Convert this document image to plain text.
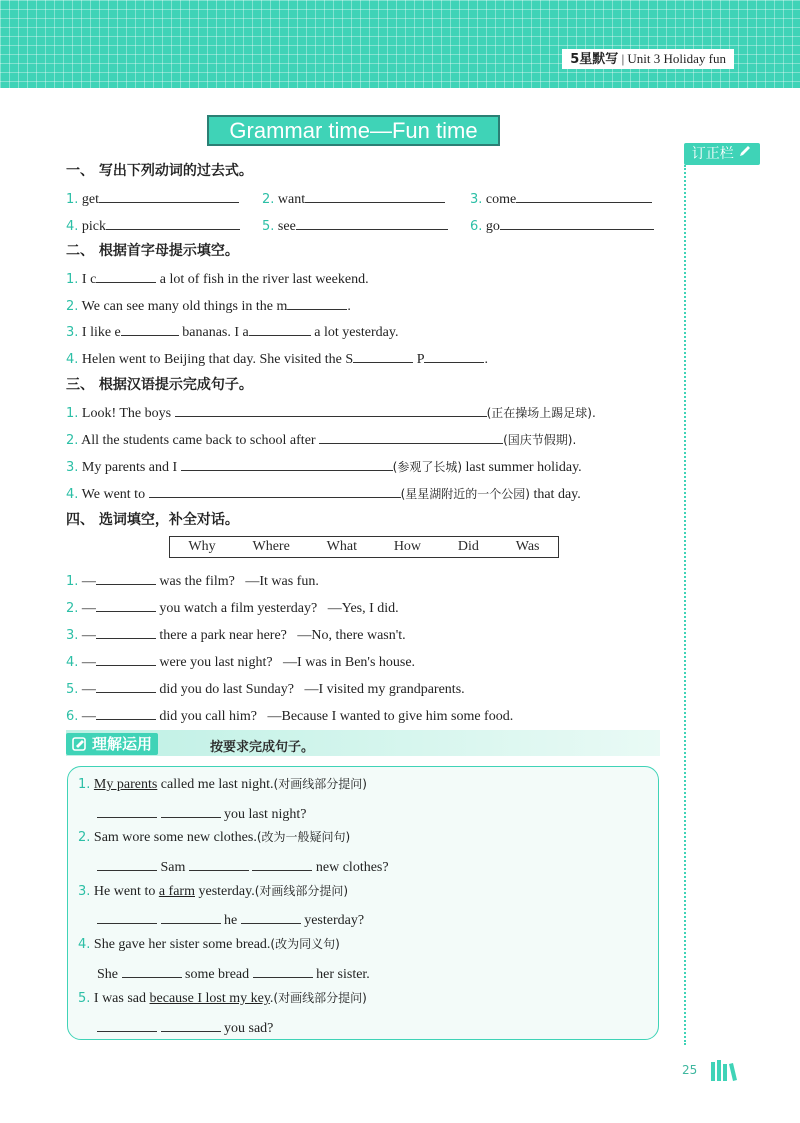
5星默写 | Unit 3 Holiday fun
Grammar time—Fun time
订正栏
一、 写出下列动词的过去式。
1. get	2. want	3. come
4. pick	5. see	6. go
二、 根据首字母提示填空。
1. I c	a lot of fish in the river last weekend.
2. We can see many old things in the m	.
3. I like e	bananas. I a	a lot yesterday.
4. Helen went to Beijing that day. She visited the S	P	.
三、 根据汉语提示完成句子。
1. Look! The boys	(正在操场上踢足球).
2. All the students came back to school after	(国庆节假期).
3. My parents and I	(参观了长城) last summer holiday.
4. We went to	(星星湖附近的一个公园) that day.
四、 选词填空，补全对话。
Why	Where	What	How	Did	Was
1. —	was the film? —It was fun.
2. —	you watch a film yesterday? —Yes, I did.
3. —	there a park near here? —No, there wasn't.
4. —	were you last night? —I was in Ben's house.
5. —	did you do last Sunday? —I visited my grandparents.
6. —	did you call him? —Because I wanted to give him some food.
理解运用	按要求完成句子。
1. My parents called me last night.(对画线部分提问)
you last night?
2. Sam wore some new clothes.(改为一般疑问句)
Sam	new clothes?
3. He went to a farm yesterday.(对画线部分提问)
he	yesterday?
4. She gave her sister some bread.(改为同义句)
She	some bread	her sister.
5. I was sad because I lost my key.(对画线部分提问)
you sad?
25
